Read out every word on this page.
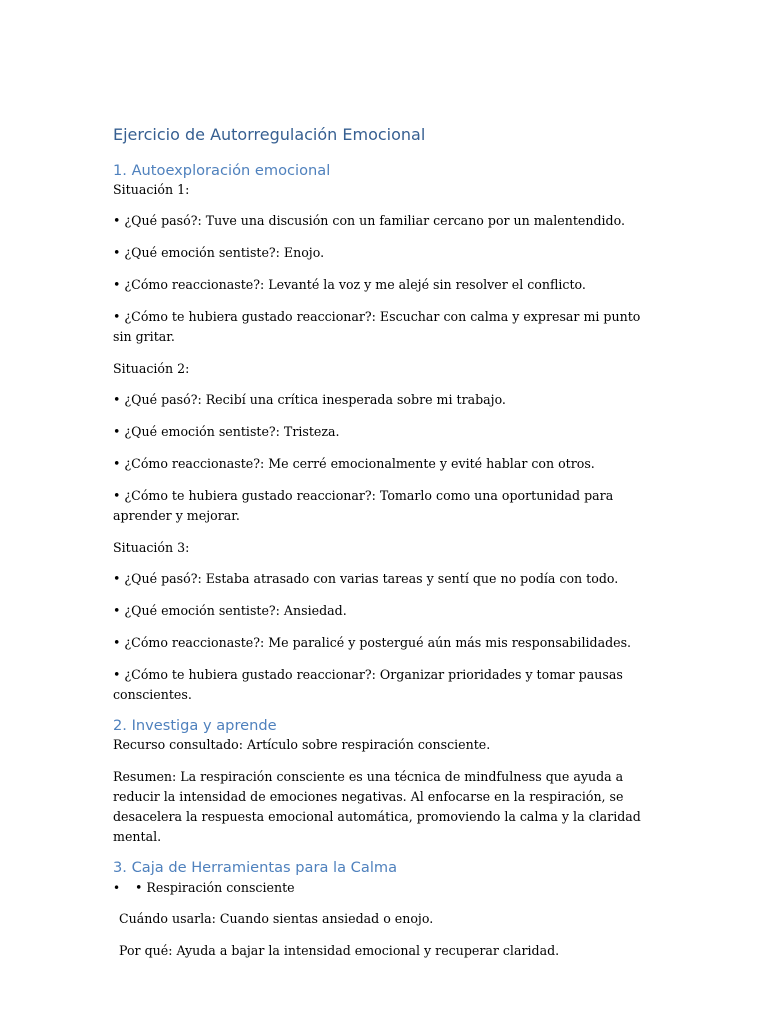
Ejercicio de Autorregulación Emocional
1. Autoexploración emocional
Situación 1:
• ¿Qué pasó?: Tuve una discusión con un familiar cercano por un malentendido.
• ¿Qué emoción sentiste?: Enojo.
• ¿Cómo reaccionaste?: Levanté la voz y me alejé sin resolver el conflicto.
• ¿Cómo te hubiera gustado reaccionar?: Escuchar con calma y expresar mi punto sin gritar.
Situación 2:
• ¿Qué pasó?: Recibí una crítica inesperada sobre mi trabajo.
• ¿Qué emoción sentiste?: Tristeza.
• ¿Cómo reaccionaste?: Me cerré emocionalmente y evité hablar con otros.
• ¿Cómo te hubiera gustado reaccionar?: Tomarlo como una oportunidad para aprender y mejorar.
Situación 3:
• ¿Qué pasó?: Estaba atrasado con varias tareas y sentí que no podía con todo.
• ¿Qué emoción sentiste?: Ansiedad.
• ¿Cómo reaccionaste?: Me paralicé y postergué aún más mis responsabilidades.
• ¿Cómo te hubiera gustado reaccionar?: Organizar prioridades y tomar pausas conscientes.
2. Investiga y aprende
Recurso consultado: Artículo sobre respiración consciente.
Resumen: La respiración consciente es una técnica de mindfulness que ayuda a reducir la intensidad de emociones negativas. Al enfocarse en la respiración, se desacelera la respuesta emocional automática, promoviendo la calma y la claridad mental.
3. Caja de Herramientas para la Calma
•	• Respiración consciente
Cuándo usarla: Cuando sientas ansiedad o enojo.
Por qué: Ayuda a bajar la intensidad emocional y recuperar claridad.
